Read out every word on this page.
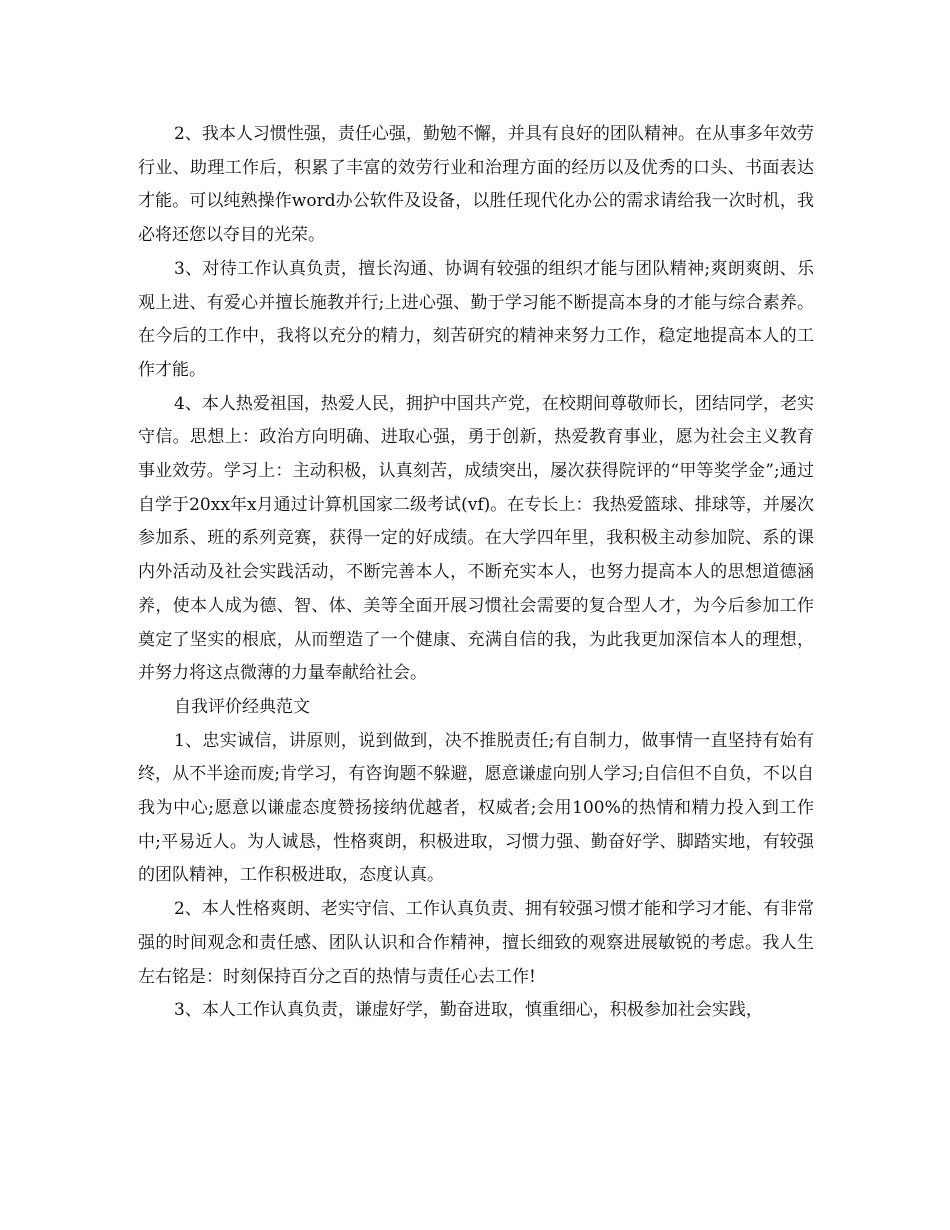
2、我本人习惯性强，责任心强，勤勉不懈，并具有良好的团队精神。在从事多年效劳行业、助理工作后，积累了丰富的效劳行业和治理方面的经历以及优秀的口头、书面表达才能。可以纯熟操作word办公软件及设备，以胜任现代化办公的需求请给我一次时机，我必将还您以夺目的光荣。

3、对待工作认真负责，擅长沟通、协调有较强的组织才能与团队精神;爽朗爽朗、乐观上进、有爱心并擅长施教并行;上进心强、勤于学习能不断提高本身的才能与综合素养。在今后的工作中，我将以充分的精力，刻苦研究的精神来努力工作，稳定地提高本人的工作才能。

4、本人热爱祖国，热爱人民，拥护中国共产党，在校期间尊敬师长，团结同学，老实守信。思想上：政治方向明确、进取心强，勇于创新，热爱教育事业，愿为社会主义教育事业效劳。学习上：主动积极，认真刻苦，成绩突出，屡次获得院评的“甲等奖学金”;通过自学于20xx年x月通过计算机国家二级考试(vf)。在专长上：我热爱篮球、排球等，并屡次参加系、班的系列竞赛，获得一定的好成绩。在大学四年里，我积极主动参加院、系的课内外活动及社会实践活动，不断完善本人，不断充实本人，也努力提高本人的思想道德涵养，使本人成为德、智、体、美等全面开展习惯社会需要的复合型人才，为今后参加工作奠定了坚实的根底，从而塑造了一个健康、充满自信的我，为此我更加深信本人的理想，并努力将这点微薄的力量奉献给社会。

自我评价经典范文

1、忠实诚信，讲原则，说到做到，决不推脱责任;有自制力，做事情一直坚持有始有终，从不半途而废;肯学习，有咨询题不躲避，愿意谦虚向别人学习;自信但不自负，不以自我为中心;愿意以谦虚态度赞扬接纳优越者，权威者;会用100%的热情和精力投入到工作中;平易近人。为人诚恳，性格爽朗，积极进取，习惯力强、勤奋好学、脚踏实地，有较强的团队精神，工作积极进取，态度认真。

2、本人性格爽朗、老实守信、工作认真负责、拥有较强习惯才能和学习才能、有非常强的时间观念和责任感、团队认识和合作精神，擅长细致的观察进展敏锐的考虑。我人生左右铭是：时刻保持百分之百的热情与责任心去工作!

3、本人工作认真负责，谦虚好学，勤奋进取，慎重细心，积极参加社会实践，
